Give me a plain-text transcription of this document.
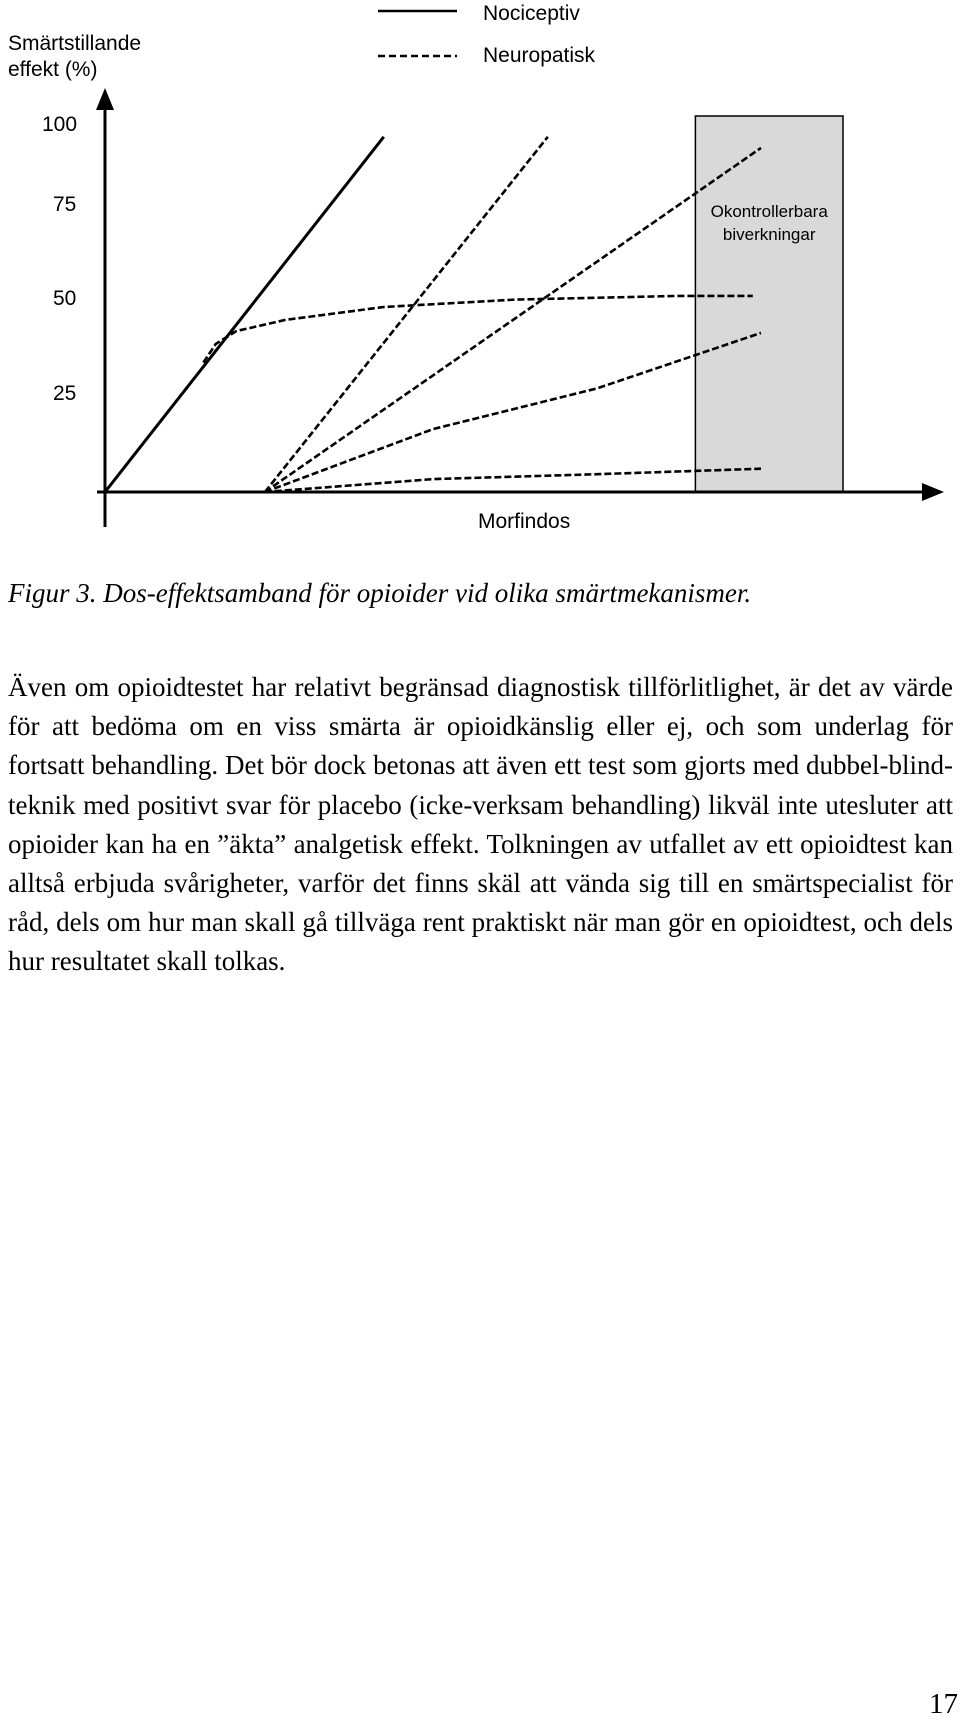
Okontrollerbara
biverkningar
Smärtstillande
effekt (%)
100
75
50
25
Morfindos
Nociceptiv
Neuropatisk
Figur 3. Dos-effektsamband för opioider vid olika smärtmekanismer.
Även om opioidtestet har relativt begränsad diagnostisk tillförlitlighet, är det av värde för att bedöma om en viss smärta är opioidkänslig eller ej, och som underlag för fortsatt behandling. Det bör dock betonas att även ett test som gjorts med dubbel-blind-teknik med positivt svar för placebo (icke-verksam behandling) likväl inte utesluter att opioider kan ha en ”äkta” analgetisk effekt. Tolkningen av utfallet av ett opioidtest kan alltså erbjuda svårigheter, varför det finns skäl att vända sig till en smärtspecialist för råd, dels om hur man skall gå tillväga rent praktiskt när man gör en opioidtest, och dels hur resultatet skall tolkas.
17
